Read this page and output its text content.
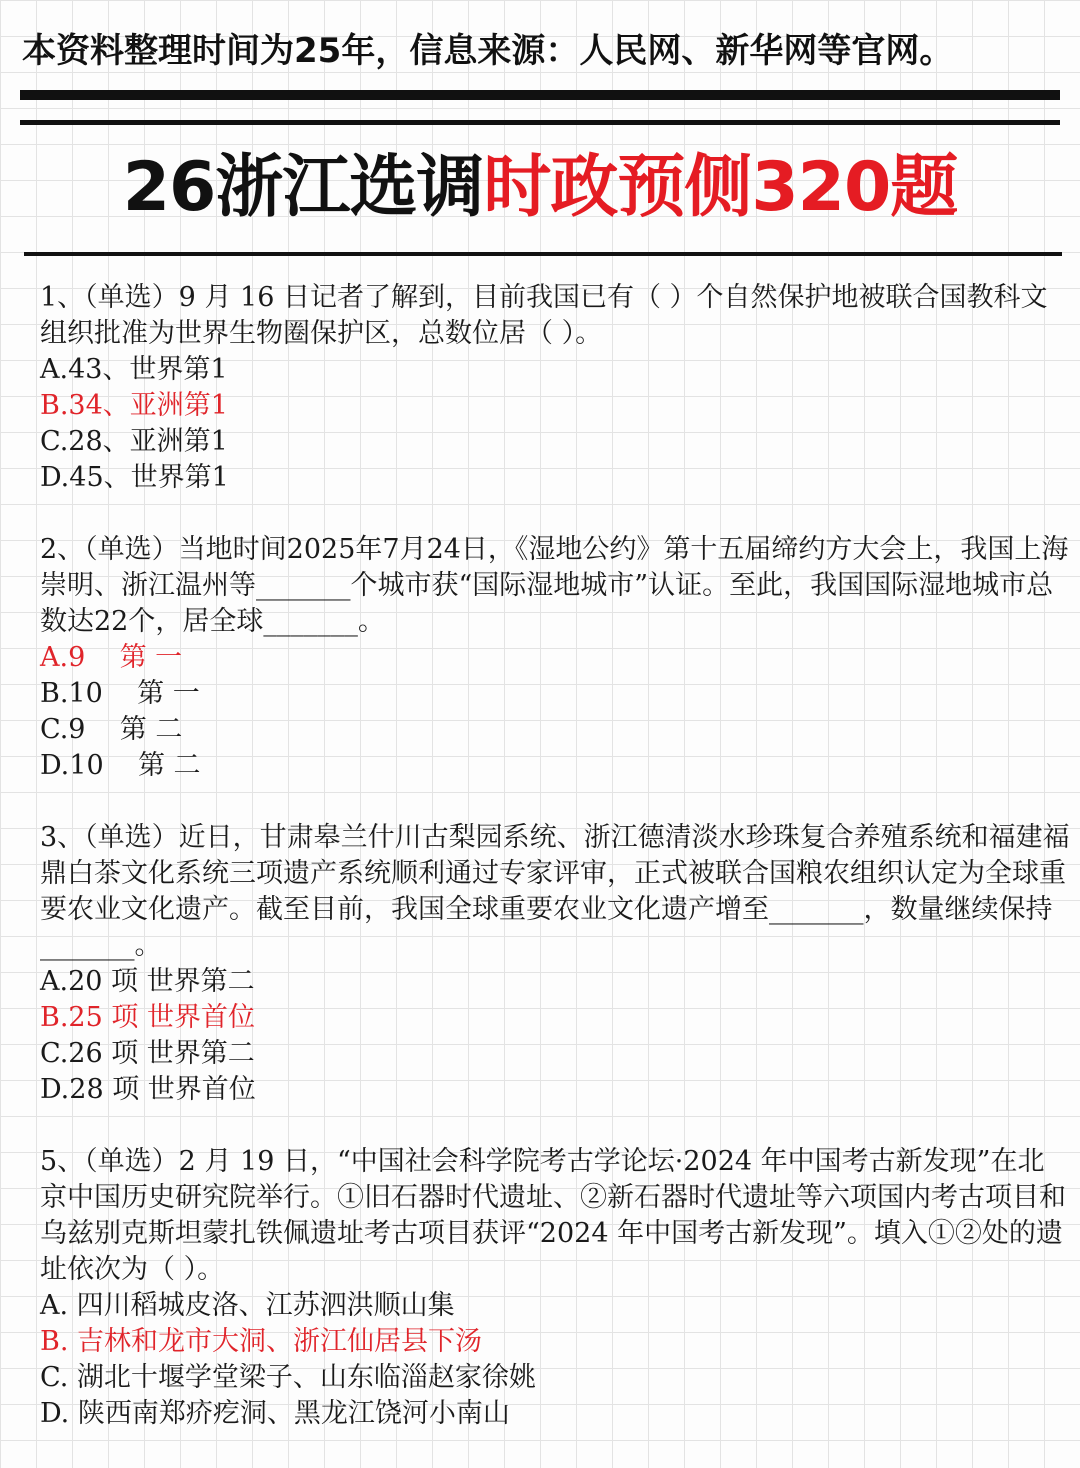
本资料整理时间为25年，信息来源：人民网、新华网等官网。
26浙江选调时政预侧320题

1、（单选）9 月 16 日记者了解到，目前我国已有（ ）个自然保护地被联合国教科文组织批准为世界生物圈保护区，总数位居（ ）。

A.43、世界第1

B.34、亚洲第1

C.28、亚洲第1

D.45、世界第1

2、（单选）当地时间2025年7月24日，《湿地公约》第十五届缔约方大会上，我国上海崇明、浙江温州等_______个城市获“国际湿地城市”认证。至此，我国国际湿地城市总数达22个，居全球_______。

A.9    第 一

B.10    第 一

C.9    第 二

D.10    第 二

3、（单选）近日，甘肃皋兰什川古梨园系统、浙江德清淡水珍珠复合养殖系统和福建福鼎白茶文化系统三项遗产系统顺利通过专家评审，正式被联合国粮农组织认定为全球重要农业文化遗产。截至目前，我国全球重要农业文化遗产增至_______，数量继续保持_______。

A.20 项 世界第二

B.25 项 世界首位

C.26 项 世界第二

D.28 项 世界首位

5、（单选）2 月 19 日，“中国社会科学院考古学论坛·2024 年中国考古新发现”在北京中国历史研究院举行。①旧石器时代遗址、②新石器时代遗址等六项国内考古项目和乌兹别克斯坦蒙扎铁佩遗址考古项目获评“2024 年中国考古新发现”。填入①②处的遗址依次为（ ）。

A. 四川稻城皮洛、江苏泗洪顺山集

B. 吉林和龙市大洞、浙江仙居县下汤

C. 湖北十堰学堂梁子、山东临淄赵家徐姚

D. 陕西南郑疥疙洞、黑龙江饶河小南山
